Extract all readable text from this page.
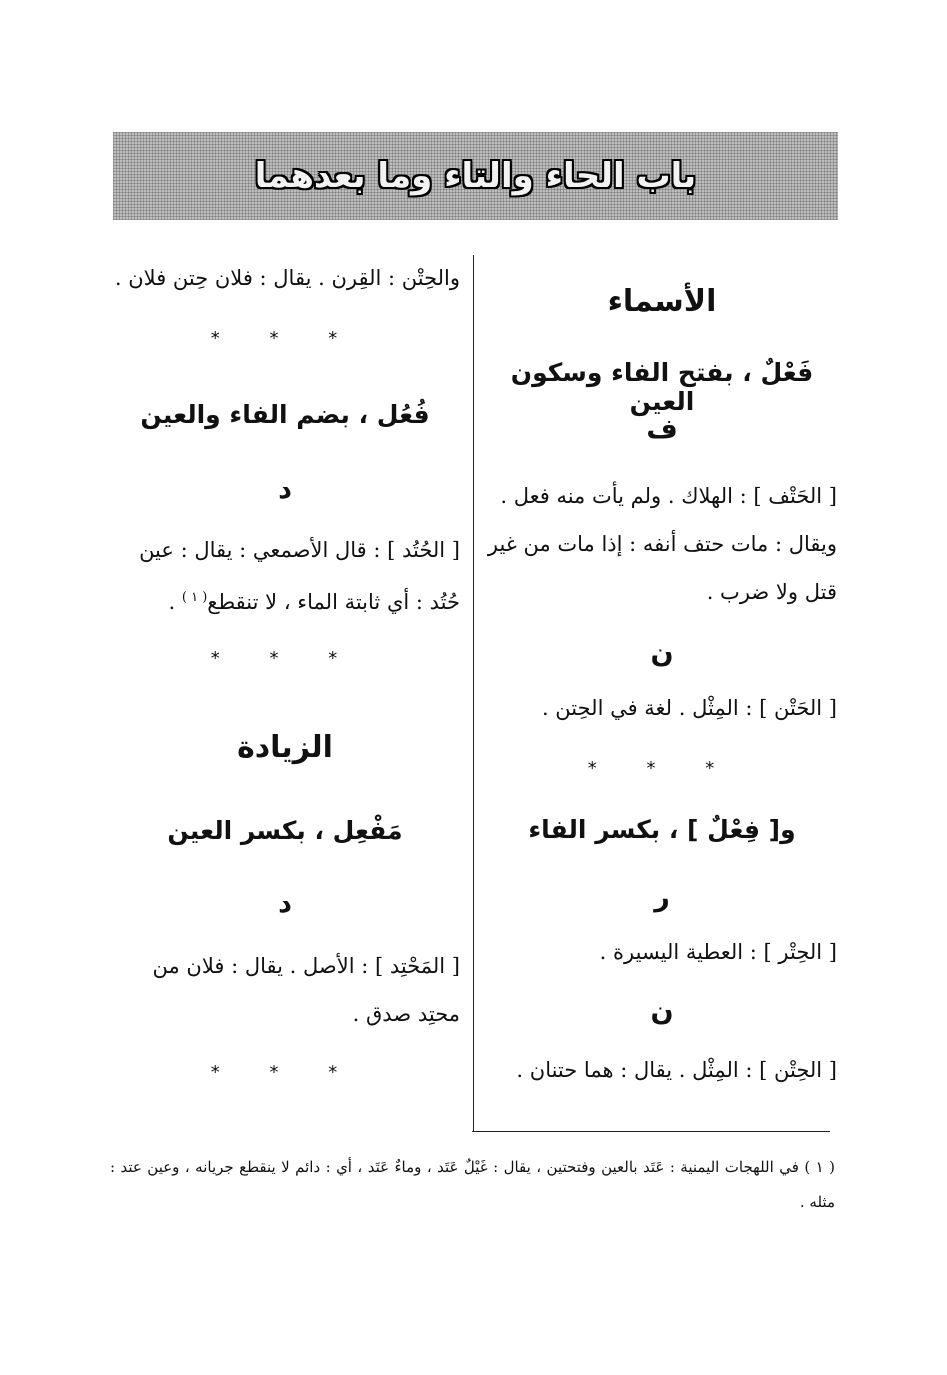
باب الحاء والتاء وما بعدهما
الأسماء
فَعْلٌ ، بفتح الفاء وسكون العين
ف
[ الحَتْف ] : الهلاك . ولم يأت منه فعل .
ويقال : مات حتف أنفه : إذا مات من غير
قتل ولا ضرب .
ن
[ الحَتْن ] : المِثْل . لغة في الحِتن .
* * *
و[ فِعْلٌ ] ، بكسر الفاء
ر
[ الحِتْر ] : العطية اليسيرة .
ن
[ الحِتْن ] : المِثْل . يقال : هما حتنان .
والحِتْن : القِرن . يقال : فلان حِتن فلان .
* * *
فُعُل ، بضم الفاء والعين
د
[ الحُتُد ] : قال الأصمعي : يقال : عين
حُتُد : أي ثابتة الماء ، لا تنقطع$^{( ١ )}$ .
* * *
الزيادة
مَفْعِل ، بكسر العين
د
[ المَحْتِد ] : الأصل . يقال : فلان من
محتِد صدق .
* * *
( ١ ) في اللهجات اليمنية : عَتَد بالعين وفتحتين ، يقال : غَيْلٌ عَتَد ، وماءٌ عَتَد ، أي : دائم لا ينقطع جريانه ، وعين عتد : مثله .
